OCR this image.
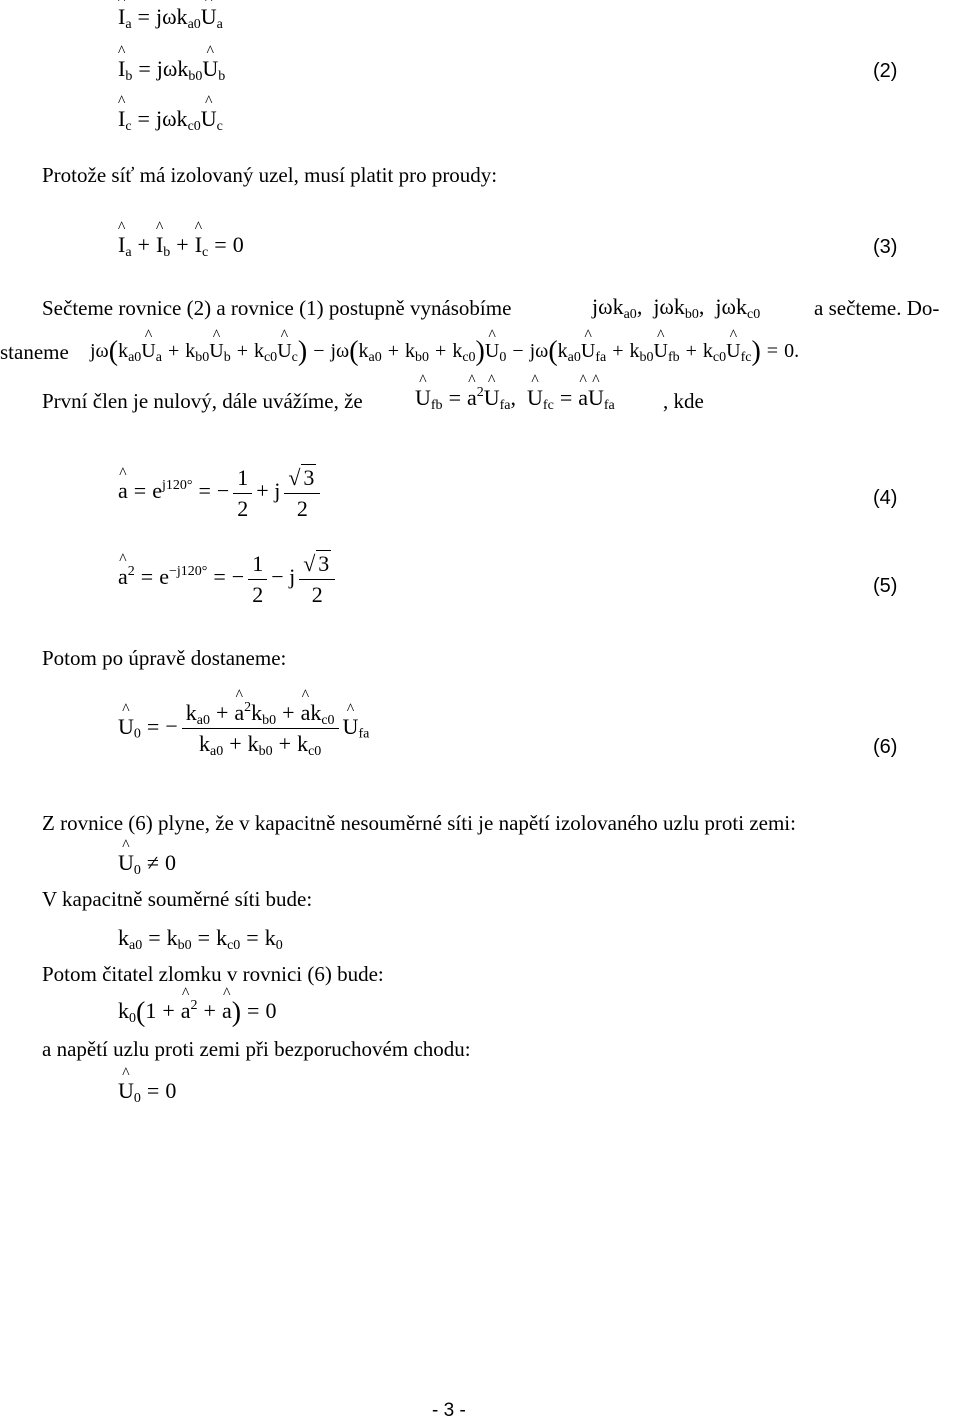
^ $I_a$ = jωk$_{a0}$^ $U_a$
^ $I_b$ = jωk$_{b0}$^ $U_b$
^ $I_c$ = jωk$_{c0}$^ $U_c$
(2)
Protože síť má izolovaný uzel, musí platit pro proudy:
^ $I_a$ + ^ $I_b$ + ^ $I_c = 0$	(3)
Sečteme rovnice (2) a rovnice (1) postupně vynásobíme	jωk$_{a0}$,  jωk$_{b0}$,  jωk$_{c0}$	a sečteme. Do-
staneme $j\omega(k_{a0}\^{}$ $U_a$ + $k_{b0}\^{}$ $U_b$ + $k_{c0}\^{}$ $U_c) - j\omega(k_{a0} + k_{b0}$ + $k_{c0})\^{}$ $U_0$ − $j\omega(k_{a0}\^{}$ $U_{fa}$ + $k_{b0}\^{}$ $U_{fb}$ + $k_{c0}\^{}$ $U_{fc}) = 0$.
První člen je nulový, dále uvážíme, že ^ $U_{fb}$ = ^ $a^2\^{}$ $U_{fa}$,  ^ $U_{fc}$ = ^ a^ $U_{fa}$ , kde
^ $a = e^{j120^\circ}$ = − $\frac{1}{2} + j \frac{√ 3}{2}$	(4)
^ $a^2 = e^{-j120^\circ}$ = − $\frac{1}{2} - j \frac{√ 3}{2}$	(5)
Potom po úpravě dostaneme:
^ $U_0$ = − $\frac{k_{a0} + \^{} a^2k_{b0} + \^{} ak_{c0}}{k_{a0} + k_{b0} + k_{c0}}$ ^ $U_{fa}$
(6)
Z rovnice (6) plyne, že v kapacitně nesouměrné síti je napětí izolovaného uzlu proti zemi:
^ $U_0 \ne 0$
V kapacitně souměrné síti bude:
$k_{a0} = k_{b0} = k_{c0} = k_0$
Potom čitatel zlomku v rovnici (6) bude:
$k_0(1$ + ^ $a^2$ + ^ a) = 0
a napětí uzlu proti zemi při bezporuchovém chodu:
^ $U_0 = 0$
- 3 -
